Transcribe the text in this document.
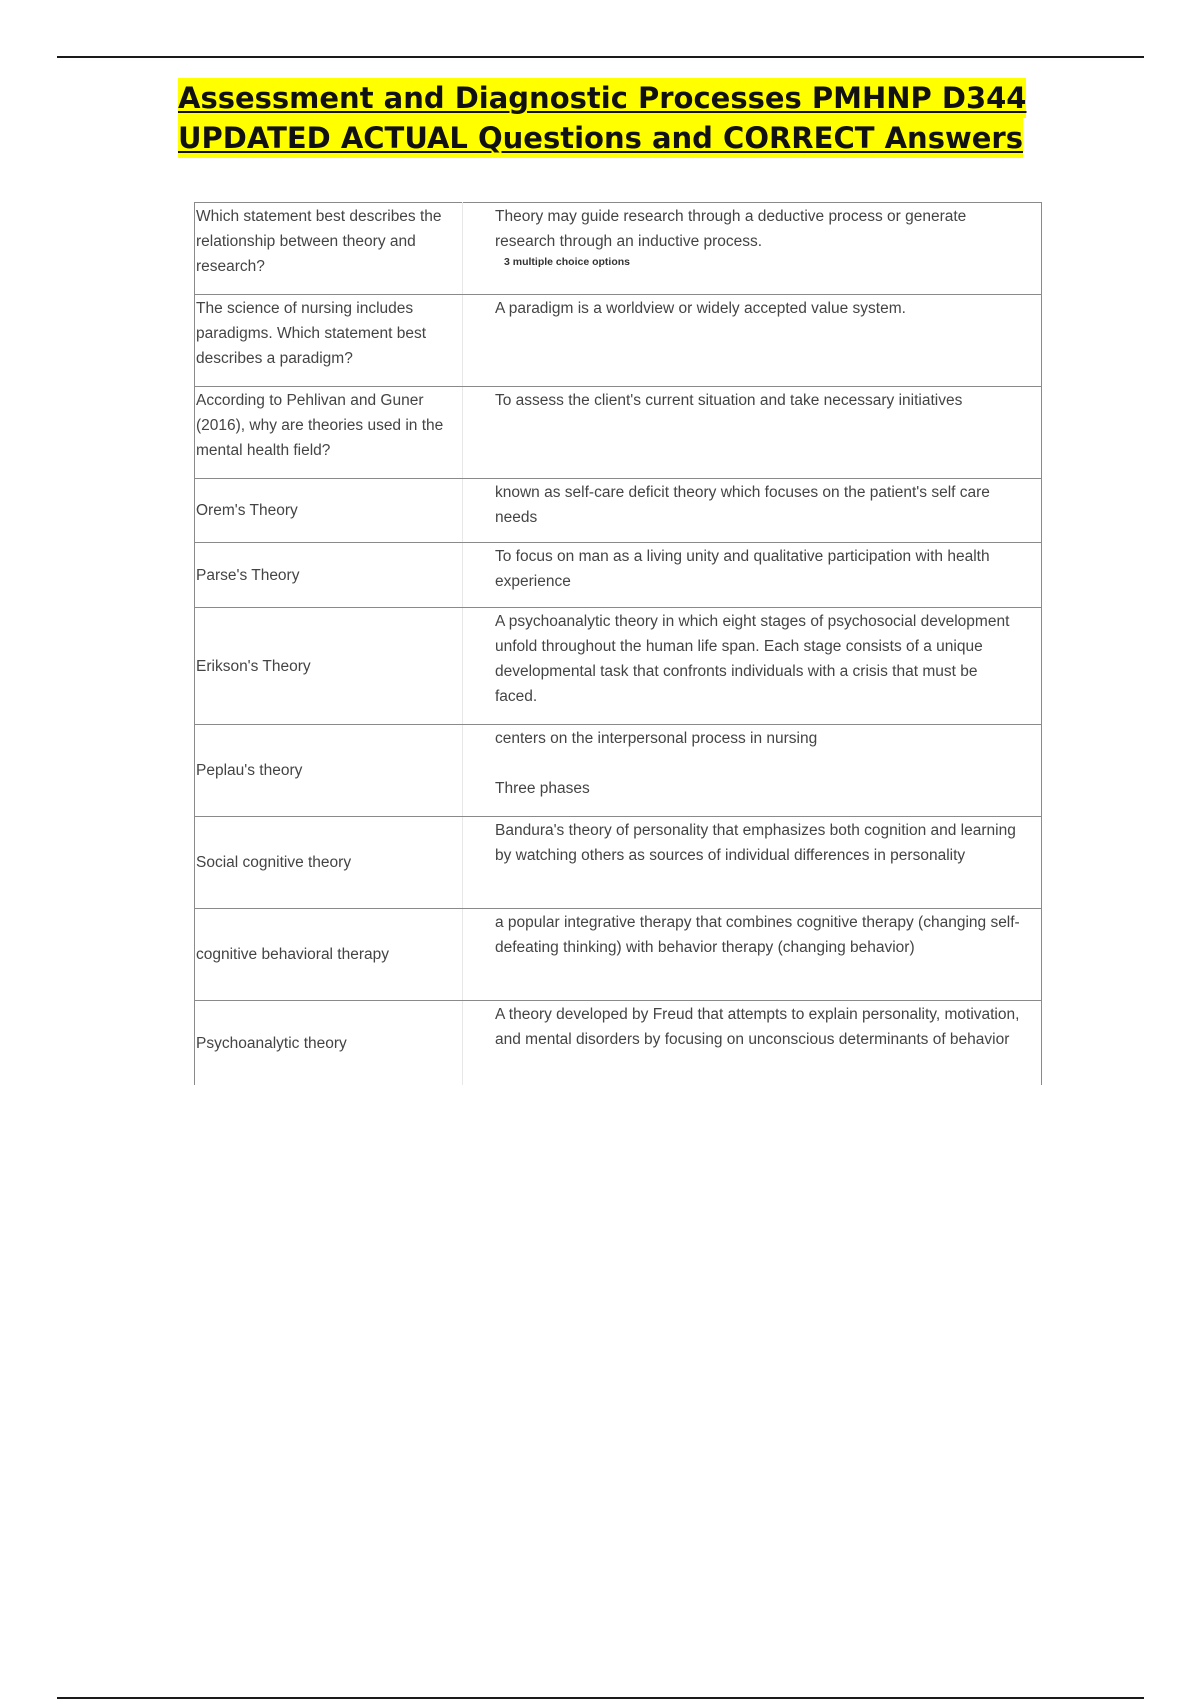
Assessment and Diagnostic Processes PMHNP D344
UPDATED ACTUAL Questions and CORRECT Answers
Which statement best describes the relationship between theory and research?	Theory may guide research through a deductive process or generate research through an inductive process.
3 multiple choice options

The science of nursing includes paradigms. Which statement best describes a paradigm?	A paradigm is a worldview or widely accepted value system.
According to Pehlivan and Guner (2016), why are theories used in the mental health field?	To assess the client's current situation and take necessary initiatives
Orem's Theory	known as self-care deficit theory which focuses on the patient's self care needs
Parse's Theory	To focus on man as a living unity and qualitative participation with health experience
Erikson's Theory	A psychoanalytic theory in which eight stages of psychosocial development unfold throughout the human life span. Each stage consists of a unique developmental task that confronts individuals with a crisis that must be faced.
Peplau's theory	centers on the interpersonal process in nursing
Three phases

Social cognitive theory	Bandura's theory of personality that emphasizes both cognition and learning by watching others as sources of individual differences in personality
cognitive behavioral therapy	a popular integrative therapy that combines cognitive therapy (changing self-defeating thinking) with behavior therapy (changing behavior)
Psychoanalytic theory	A theory developed by Freud that attempts to explain personality, motivation, and mental disorders by focusing on unconscious determinants of behavior
